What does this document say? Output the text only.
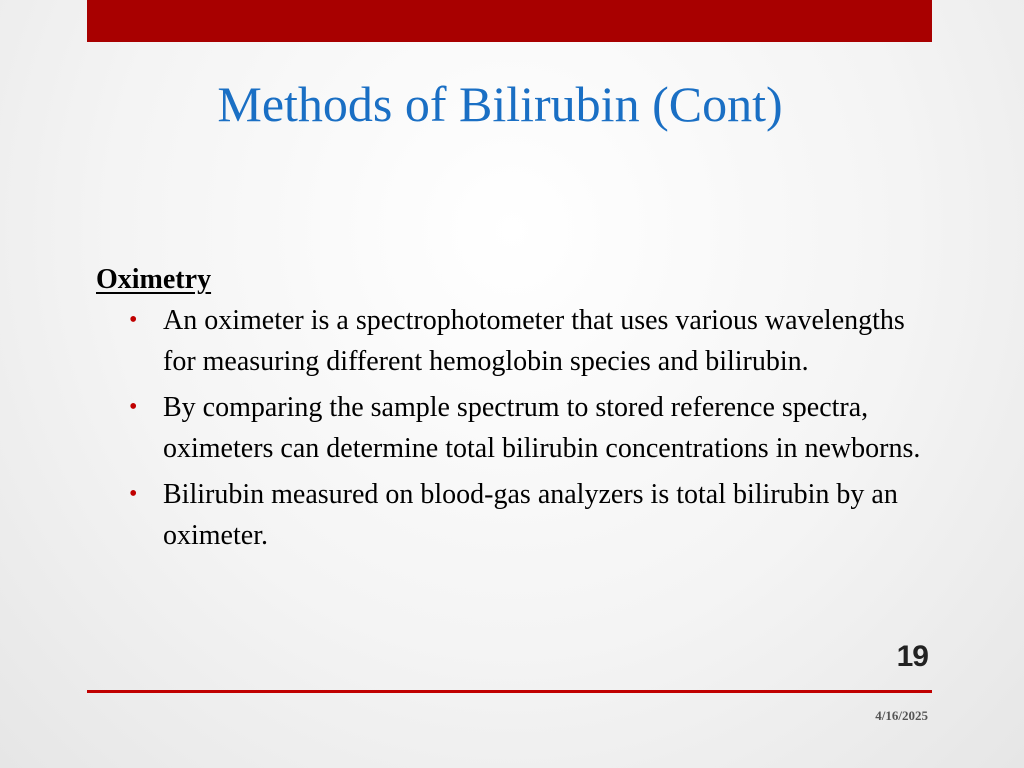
Methods of Bilirubin (Cont)
Oximetry
• An oximeter is a spectrophotometer that uses various wavelengths for measuring different hemoglobin species and bilirubin.
• By comparing the sample spectrum to stored reference spectra, oximeters can determine total bilirubin concentrations in newborns.
• Bilirubin measured on blood-gas analyzers is total bilirubin by an oximeter.
19
4/16/2025
